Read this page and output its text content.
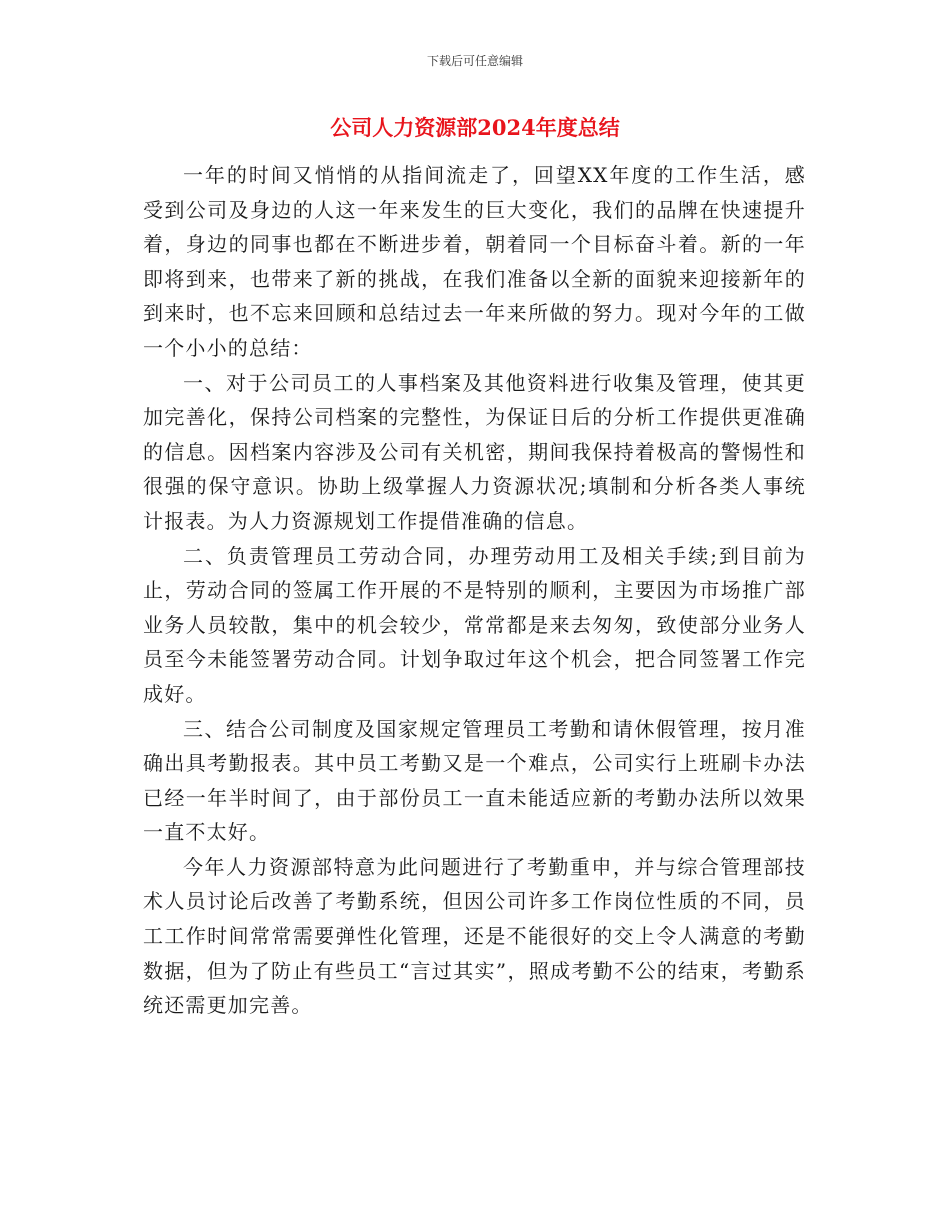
下载后可任意编辑
公司人力资源部2024年度总结

一年的时间又悄悄的从指间流走了，回望XX年度的工作生活，感受到公司及身边的人这一年来发生的巨大变化，我们的品牌在快速提升着，身边的同事也都在不断进步着，朝着同一个目标奋斗着。新的一年即将到来，也带来了新的挑战，在我们准备以全新的面貌来迎接新年的到来时，也不忘来回顾和总结过去一年来所做的努力。现对今年的工做一个小小的总结：

一、对于公司员工的人事档案及其他资料进行收集及管理，使其更加完善化，保持公司档案的完整性，为保证日后的分析工作提供更准确的信息。因档案内容涉及公司有关机密，期间我保持着极高的警惕性和很强的保守意识。协助上级掌握人力资源状况;填制和分析各类人事统计报表。为人力资源规划工作提借准确的信息。

二、负责管理员工劳动合同，办理劳动用工及相关手续;到目前为止，劳动合同的签属工作开展的不是特别的顺利，主要因为市场推广部业务人员较散，集中的机会较少，常常都是来去匆匆，致使部分业务人员至今未能签署劳动合同。计划争取过年这个机会，把合同签署工作完成好。

三、结合公司制度及国家规定管理员工考勤和请休假管理，按月准确出具考勤报表。其中员工考勤又是一个难点，公司实行上班刷卡办法已经一年半时间了，由于部份员工一直未能适应新的考勤办法所以效果一直不太好。

今年人力资源部特意为此问题进行了考勤重申，并与综合管理部技术人员讨论后改善了考勤系统，但因公司许多工作岗位性质的不同，员工工作时间常常需要弹性化管理，还是不能很好的交上令人满意的考勤数据，但为了防止有些员工“言过其实”，照成考勤不公的结束，考勤系统还需更加完善。
